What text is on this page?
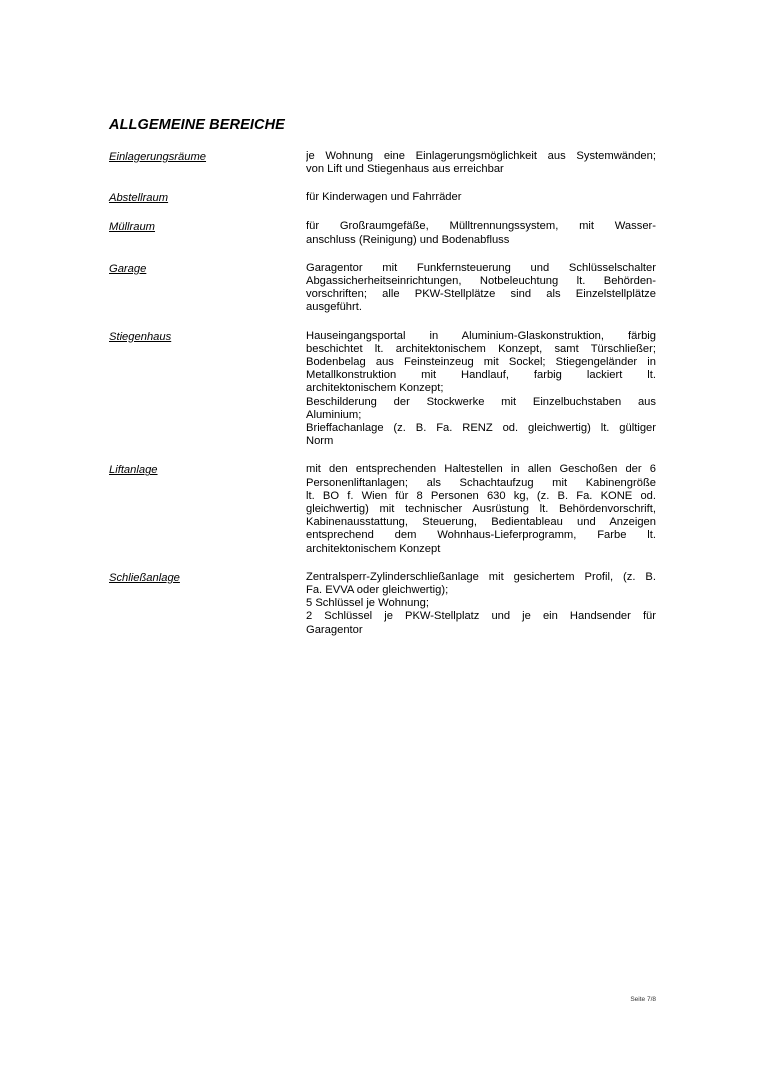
ALLGEMEINE BEREICHE
Einlagerungsräume	je Wohnung eine Einlagerungsmöglichkeit aus Systemwänden;
von Lift und Stiegenhaus aus erreichbar
Abstellraum	für Kinderwagen und Fahrräder
Müllraum	für Großraumgefäße, Mülltrennungssystem, mit Wasser-
anschluss (Reinigung) und Bodenabfluss
Garage	Garagentor mit Funkfernsteuerung und Schlüsselschalter
Abgassicherheitseinrichtungen, Notbeleuchtung lt. Behörden-
vorschriften; alle PKW-Stellplätze sind als Einzelstellplätze
ausgeführt.
Stiegenhaus	Hauseingangsportal in Aluminium-Glaskonstruktion, färbig
beschichtet lt. architektonischem Konzept, samt Türschließer;
Bodenbelag aus Feinsteinzeug mit Sockel; Stiegengeländer in
Metallkonstruktion mit Handlauf, farbig lackiert lt.
architektonischem Konzept;
Beschilderung der Stockwerke mit Einzelbuchstaben aus
Aluminium;
Brieffachanlage (z. B. Fa. RENZ od. gleichwertig) lt. gültiger
Norm
Liftanlage	mit den entsprechenden Haltestellen in allen Geschoßen der 6
Personenliftanlagen; als Schachtaufzug mit Kabinengröße
lt. BO f. Wien für 8 Personen 630 kg, (z. B. Fa. KONE od.
gleichwertig) mit technischer Ausrüstung lt. Behördenvorschrift,
Kabinenausstattung, Steuerung, Bedientableau und Anzeigen
entsprechend dem Wohnhaus-Lieferprogramm, Farbe lt.
architektonischem Konzept
Schließanlage	Zentralsperr-Zylinderschließanlage mit gesichertem Profil, (z. B.
Fa. EVVA oder gleichwertig);
5 Schlüssel je Wohnung;
2 Schlüssel je PKW-Stellplatz und je ein Handsender für
Garagentor
Seite 7/8
